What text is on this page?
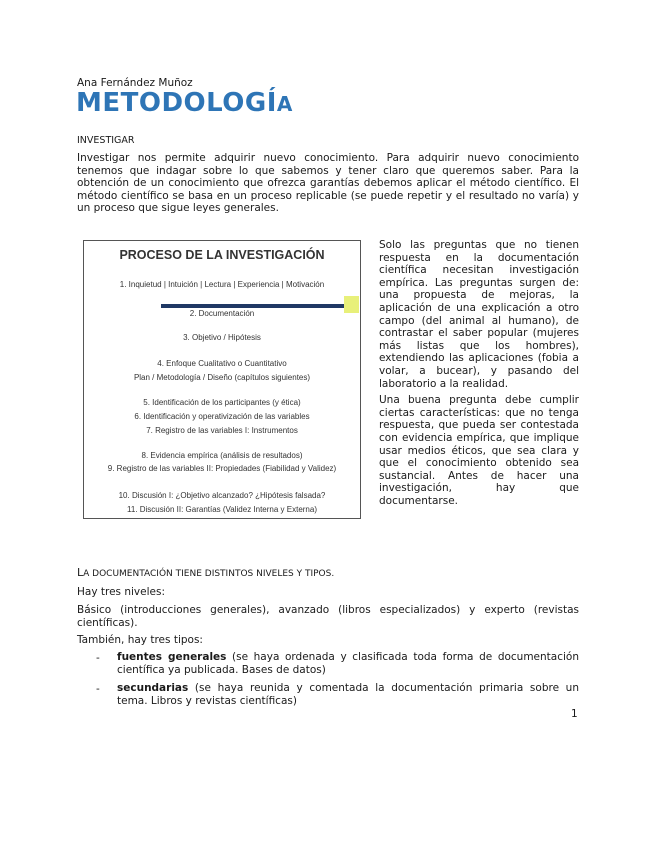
Ana Fernández Muñoz
METODOLOGÍA
INVESTIGAR
Investigar nos permite adquirir nuevo conocimiento. Para adquirir nuevo conocimiento tenemos que indagar sobre lo que sabemos y tener claro que queremos saber. Para la obtención de un conocimiento que ofrezca garantías debemos aplicar el método científico. El método científico se basa en un proceso replicable (se puede repetir y el resultado no varía) y un proceso que sigue leyes generales.
PROCESO DE LA INVESTIGACIÓN
1. Inquietud | Intuición | Lectura | Experiencia | Motivación
2. Documentación
3. Objetivo / Hipótesis
4. Enfoque Cualitativo o Cuantitativo
Plan / Metodología / Diseño (capítulos siguientes)
5. Identificación de los participantes (y ética)
6. Identificación y operativización de las variables
7. Registro de las variables I: Instrumentos
8. Evidencia empírica (análisis de resultados)
9. Registro de las variables II: Propiedades (Fiabilidad y Validez)
10. Discusión I: ¿Objetivo alcanzado? ¿Hipótesis falsada?
11. Discusión II: Garantías (Validez Interna y Externa)

Solo las preguntas que no tienen respuesta en la documentación científica necesitan investigación empírica. Las preguntas surgen de: una propuesta de mejoras, la aplicación de una explicación a otro campo (del animal al humano), de contrastar el saber popular (mujeres más listas que los hombres), extendiendo las aplicaciones (fobia a volar, a bucear), y pasando del laboratorio a la realidad.

Una buena pregunta debe cumplir ciertas características: que no tenga respuesta, que pueda ser contestada con evidencia empírica, que implique usar medios éticos, que sea clara y que el conocimiento obtenido sea sustancial. Antes de hacer una investigación, hay que documentarse.

LA DOCUMENTACIÓN TIENE DISTINTOS NIVELES Y TIPOS.
Hay tres niveles:
Básico (introducciones generales), avanzado (libros especializados) y experto (revistas científicas).
También, hay tres tipos:
- fuentes generales (se haya ordenada y clasificada toda forma de documentación científica ya publicada. Bases de datos)
- secundarias (se haya reunida y comentada la documentación primaria sobre un tema. Libros y revistas científicas)
1
